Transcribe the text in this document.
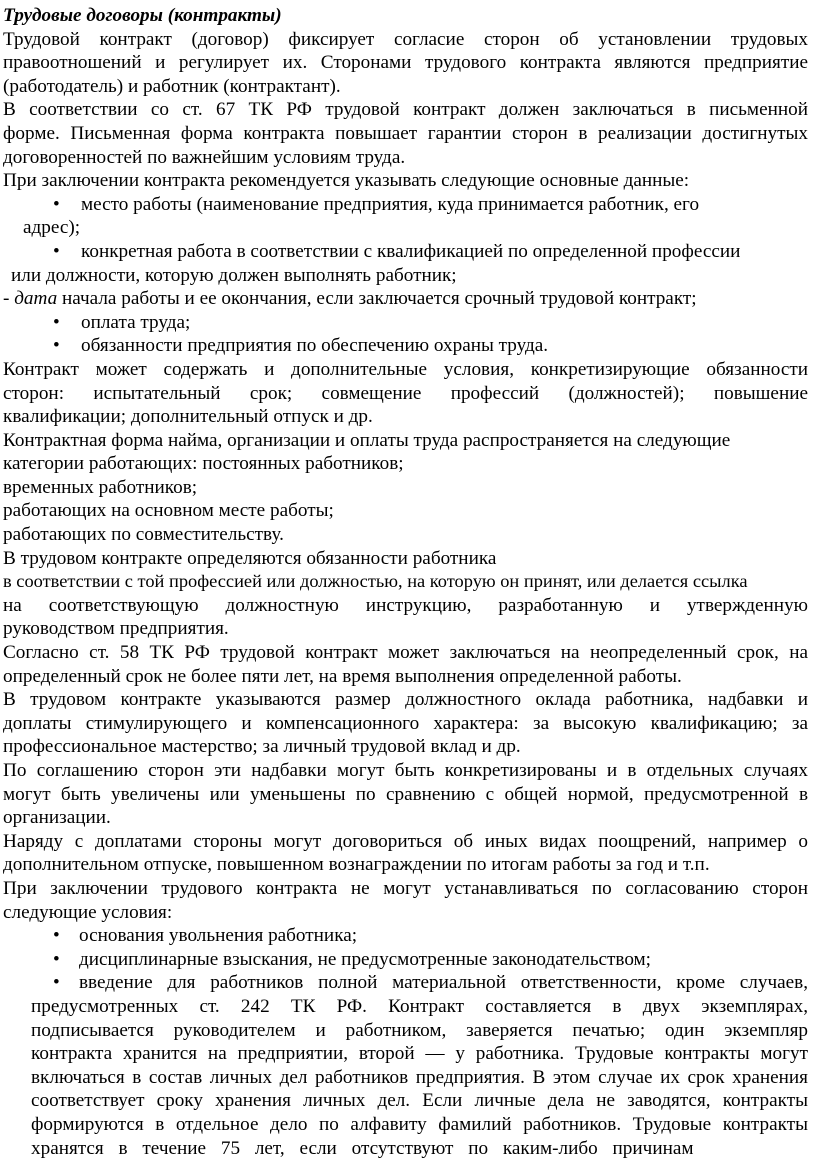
Трудовые договоры (контракты)
Трудовой контракт (договор) фиксирует согласие сторон об установлении трудовых
правоотношений и регулирует их. Сторонами трудового контракта являются предприятие
(работодатель) и работник (контрактант).
В соответствии со ст. 67 ТК РФ трудовой контракт должен заключаться в письменной
форме. Письменная форма контракта повышает гарантии сторон в реализации достигнутых
договоренностей по важнейшим условиям труда.
При заключении контракта рекомендуется указывать следующие основные данные:
• место работы (наименование предприятия, куда принимается работник, его
адрес);
• конкретная работа в соответствии с квалификацией по определенной профессии
или должности, которую должен выполнять работник;
- дата начала работы и ее окончания, если заключается срочный трудовой контракт;
• оплата труда;
• обязанности предприятия по обеспечению охраны труда.
Контракт может содержать и дополнительные условия, конкретизирующие обязанности
сторон: испытательный срок; совмещение профессий (должностей); повышение
квалификации; дополнительный отпуск и др.
Контрактная форма найма, организации и оплаты труда распространяется на следующие
категории работающих: постоянных работников;
временных работников;
работающих на основном месте работы;
работающих по совместительству.
В трудовом контракте определяются обязанности работника
в соответствии с той профессией или должностью, на которую он принят, или делается ссылка
на соответствующую должностную инструкцию, разработанную и утвержденную
руководством предприятия.
Согласно ст. 58 ТК РФ трудовой контракт может заключаться на неопределенный срок, на
определенный срок не более пяти лет, на время выполнения определенной работы.
В трудовом контракте указываются размер должностного оклада работника, надбавки и
доплаты стимулирующего и компенсационного характера: за высокую квалификацию; за
профессиональное мастерство; за личный трудовой вклад и др.
По соглашению сторон эти надбавки могут быть конкретизированы и в отдельных случаях
могут быть увеличены или уменьшены по сравнению с общей нормой, предусмотренной в
организации.
Наряду с доплатами стороны могут договориться об иных видах поощрений, например о
дополнительном отпуске, повышенном вознаграждении по итогам работы за год и т.п.
При заключении трудового контракта не могут устанавливаться по согласованию сторон
следующие условия:
• основания увольнения работника;
• дисциплинарные взыскания, не предусмотренные законодательством;
• введение для работников полной материальной ответственности, кроме случаев,
предусмотренных ст. 242 ТК РФ. Контракт составляется в двух экземплярах,
подписывается руководителем и работником, заверяется печатью; один экземпляр
контракта хранится на предприятии, второй — у работника. Трудовые контракты могут
включаться в состав личных дел работников предприятия. В этом случае их срок хранения
соответствует сроку хранения личных дел. Если личные дела не заводятся, контракты
формируются в отдельное дело по алфавиту фамилий работников. Трудовые контракты
хранятся в течение 75 лет, если отсутствуют по каким-либо причинам
